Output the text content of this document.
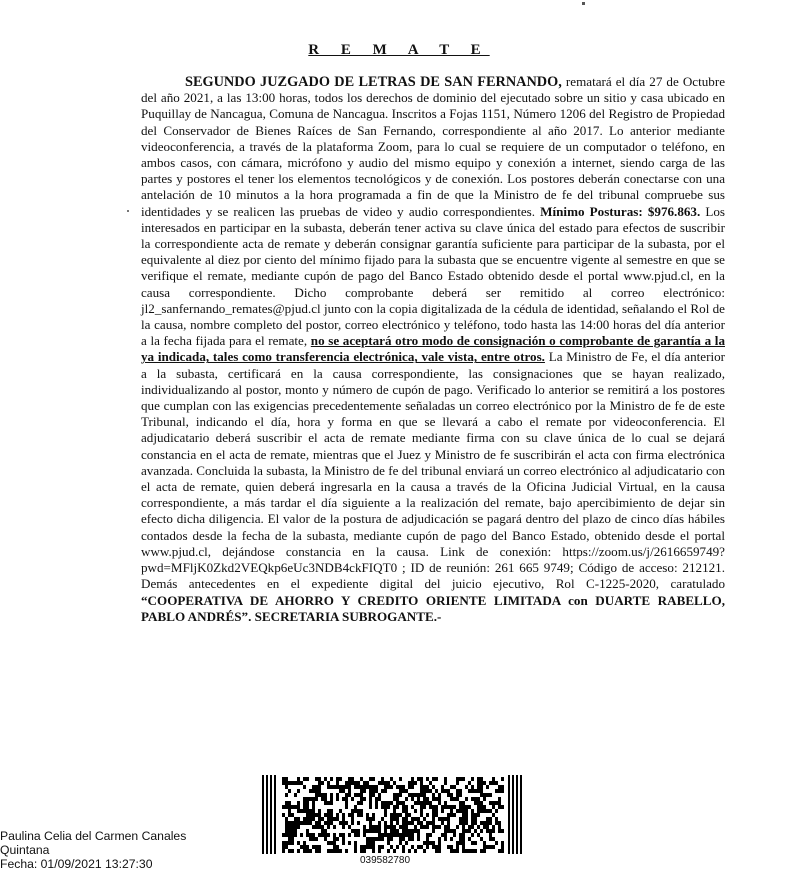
R E M A T E
SEGUNDO JUZGADO DE LETRAS DE SAN FERNANDO, rematará el día 27 de Octubre del año 2021, a las 13:00 horas, todos los derechos de dominio del ejecutado sobre un sitio y casa ubicado en Puquillay de Nancagua, Comuna de Nancagua. Inscritos a Fojas 1151, Número 1206 del Registro de Propiedad del Conservador de Bienes Raíces de San Fernando, correspondiente al año 2017. Lo anterior mediante videoconferencia, a través de la plataforma Zoom, para lo cual se requiere de un computador o teléfono, en ambos casos, con cámara, micrófono y audio del mismo equipo y conexión a internet, siendo carga de las partes y postores el tener los elementos tecnológicos y de conexión. Los postores deberán conectarse con una antelación de 10 minutos a la hora programada a fin de que la Ministro de fe del tribunal compruebe sus identidades y se realicen las pruebas de video y audio correspondientes. Mínimo Posturas: $976.863. Los interesados en participar en la subasta, deberán tener activa su clave única del estado para efectos de suscribir la correspondiente acta de remate y deberán consignar garantía suficiente para participar de la subasta, por el equivalente al diez por ciento del mínimo fijado para la subasta que se encuentre vigente al semestre en que se verifique el remate, mediante cupón de pago del Banco Estado obtenido desde el portal www.pjud.cl, en la causa correspondiente. Dicho comprobante deberá ser remitido al correo electrónico: jl2_sanfernando_remates@pjud.cl junto con la copia digitalizada de la cédula de identidad, señalando el Rol de la causa, nombre completo del postor, correo electrónico y teléfono, todo hasta las 14:00 horas del día anterior a la fecha fijada para el remate, no se aceptará otro modo de consignación o comprobante de garantía a la ya indicada, tales como transferencia electrónica, vale vista, entre otros. La Ministro de Fe, el día anterior a la subasta, certificará en la causa correspondiente, las consignaciones que se hayan realizado, individualizando al postor, monto y número de cupón de pago. Verificado lo anterior se remitirá a los postores que cumplan con las exigencias precedentemente señaladas un correo electrónico por la Ministro de fe de este Tribunal, indicando el día, hora y forma en que se llevará a cabo el remate por videoconferencia. El adjudicatario deberá suscribir el acta de remate mediante firma con su clave única de lo cual se dejará constancia en el acta de remate, mientras que el Juez y Ministro de fe suscribirán el acta con firma electrónica avanzada. Concluida la subasta, la Ministro de fe del tribunal enviará un correo electrónico al adjudicatario con el acta de remate, quien deberá ingresarla en la causa a través de la Oficina Judicial Virtual, en la causa correspondiente, a más tardar el día siguiente a la realización del remate, bajo apercibimiento de dejar sin efecto dicha diligencia. El valor de la postura de adjudicación se pagará dentro del plazo de cinco días hábiles contados desde la fecha de la subasta, mediante cupón de pago del Banco Estado, obtenido desde el portal www.pjud.cl, dejándose constancia en la causa. Link de conexión: https://zoom.us/j/2616659749?pwd=MFljK0Zkd2VEQkp6eUc3NDB4ckFIQT0 ; ID de reunión: 261 665 9749; Código de acceso: 212121. Demás antecedentes en el expediente digital del juicio ejecutivo, Rol C-1225-2020, caratulado “COOPERATIVA DE AHORRO Y CREDITO ORIENTE LIMITADA con DUARTE RABELLO, PABLO ANDRÉS”. SECRETARIA SUBROGANTE.-
039582780
Paulina Celia del Carmen Canales
Quintana
Fecha: 01/09/2021 13:27:30
